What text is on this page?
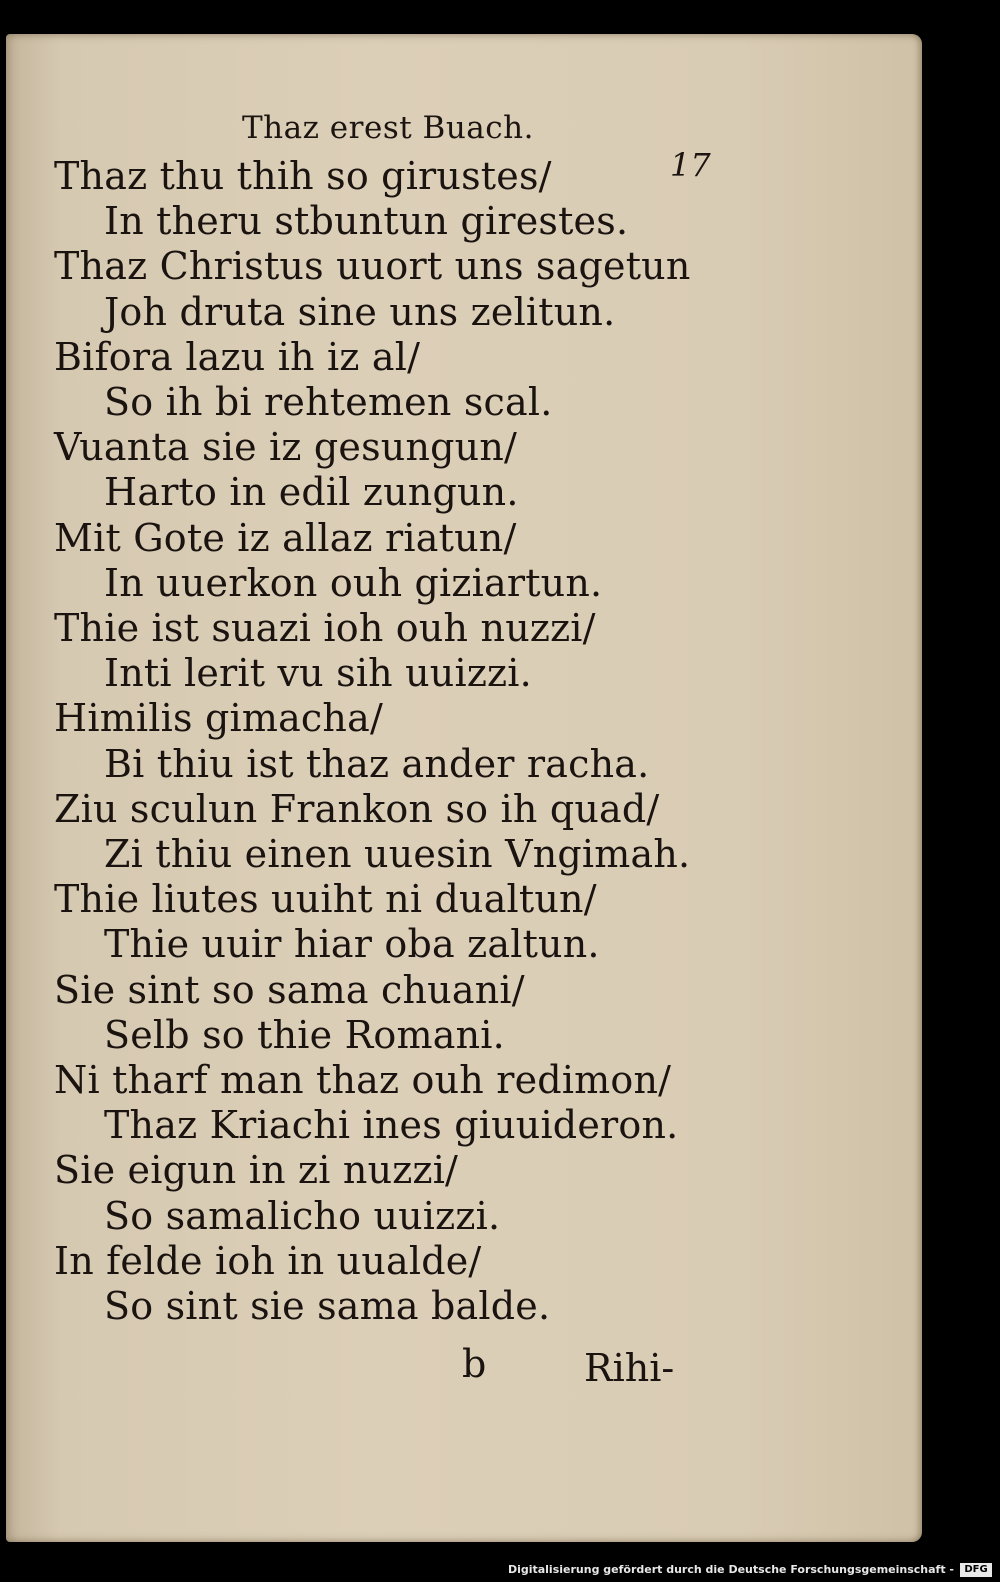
Thaz erest Buach.
17
Thaz thu thih so girustes/
In theru stbuntun girestes.
Thaz Christus uuort uns sagetun
Joh druta sine uns zelitun.
Bifora lazu ih iz al/
So ih bi rehtemen scal.
Vuanta sie iz gesungun/
Harto in edil zungun.
Mit Gote iz allaz riatun/
In uuerkon ouh giziartun.
Thie ist suazi ioh ouh nuzzi/
Inti lerit vu sih uuizzi.
Himilis gimacha/
Bi thiu ist thaz ander racha.
Ziu sculun Frankon so ih quad/
Zi thiu einen uuesin Vngimah.
Thie liutes uuiht ni dualtun/
Thie uuir hiar oba zaltun.
Sie sint so sama chuani/
Selb so thie Romani.
Ni tharf man thaz ouh redimon/
Thaz Kriachi ines giuuideron.
Sie eigun in zi nuzzi/
So samalicho uuizzi.
In felde ioh in uualde/
So sint sie sama balde.
b	Rihi-
Digitalisierung gefördert durch die Deutsche Forschungsgemeinschaft -	DFG
